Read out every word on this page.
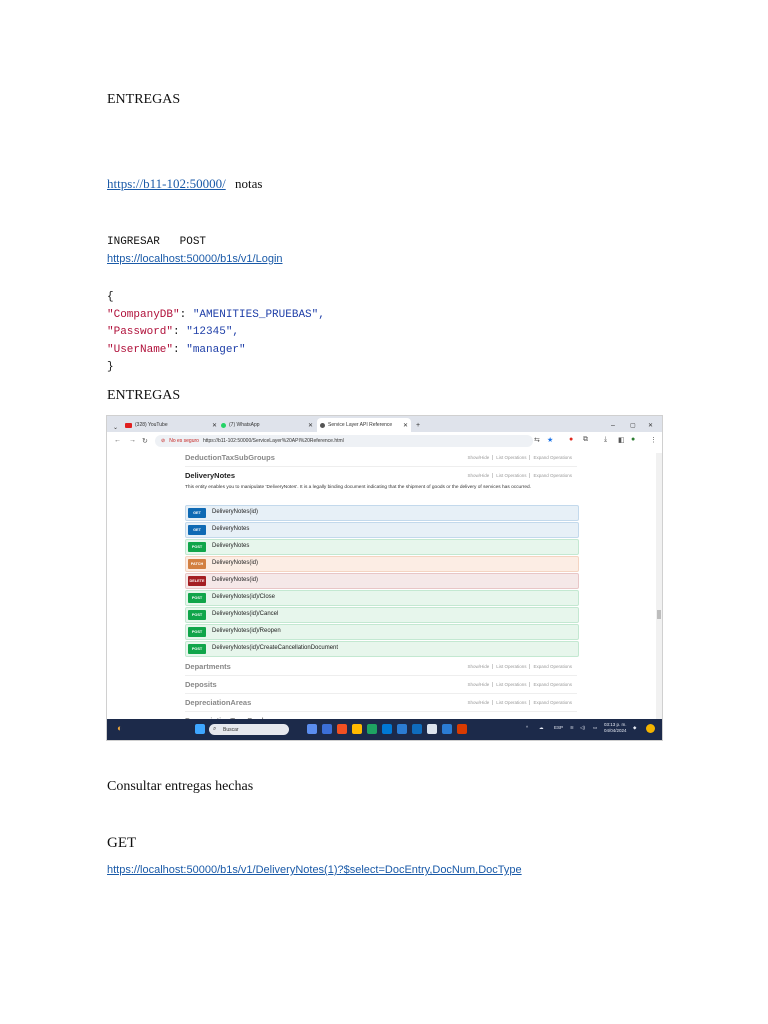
ENTREGAS
https://b11-102:50000/ notas
INGRESAR   POST
https://localhost:50000/b1s/v1/Login
{
"CompanyDB": "AMENITIES_PRUEBAS",
"Password": "12345",
"UserName": "manager"
}
ENTREGAS
⌄	(328) YouTube	✕ (7) WhatsApp	✕	Service Layer API Reference ✕ +	–	▢ ✕
← → ↻	⊘ No es seguro https://b11-102:50000/ServiceLayer%20API%20Reference.html	⇆ ★ ● ⧉ ⤓ ◧ ● ⋮
DeductionTaxSubGroups	Show/Hide List Operations Expand Operations
DeliveryNotes	Show/Hide List Operations Expand Operations
This entity enables you to manipulate 'DeliveryNotes'. It is a legally binding document indicating that the shipment of goods or the delivery of services has occurred.
GET	DeliveryNotes(id)
GET	DeliveryNotes
POST	DeliveryNotes
PATCH	DeliveryNotes(id)
DELETE DeliveryNotes(id)
POST	DeliveryNotes(id)/Close
POST	DeliveryNotes(id)/Cancel
POST	DeliveryNotes(id)/Reopen
POST	DeliveryNotes(id)/CreateCancellationDocument
Departments	Show/Hide List Operations Expand Operations
Deposits	Show/Hide List Operations Expand Operations
DepreciationAreas	Show/Hide List Operations Expand Operations
◐	⌕ Buscar	^ ☁ ESP ≋ ◁) ▭
03:13 p. m.
04/04/2024
◆
Consultar entregas hechas
GET
https://localhost:50000/b1s/v1/DeliveryNotes(1)?$select=DocEntry,DocNum,DocType
